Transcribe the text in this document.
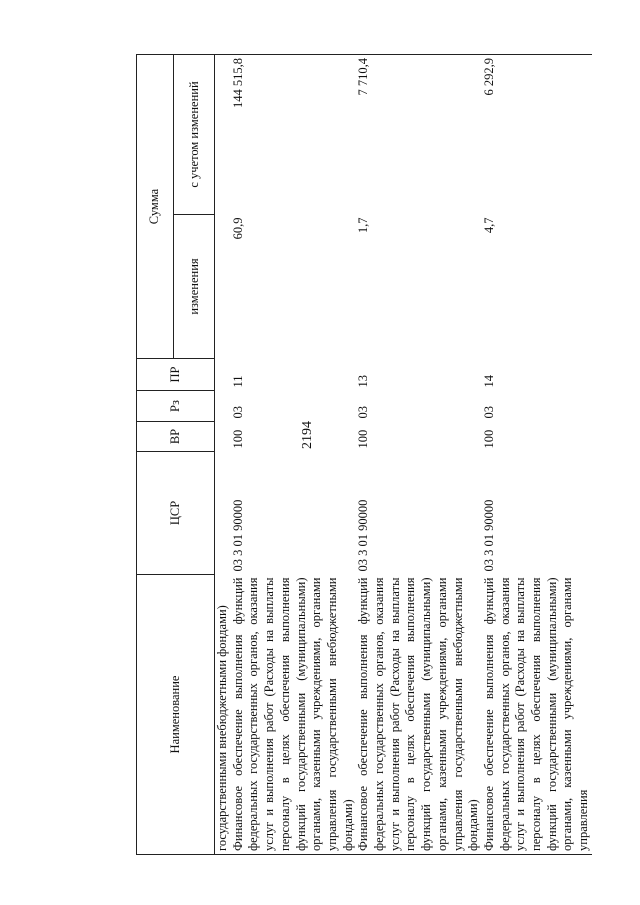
2194
Наименование	ЦСР	ВР	Рз	ПР	Сумма	
					изменения	с учетом изменений
государственными внебюджетными фондами)						
Финансовое обеспечение выполнения функций федеральных государственных органов, оказания услуг и выполнения работ (Расходы на выплаты персоналу в целях обеспечения выполнения функций государственными (муниципальными) органами, казенными учреждениями, органами управления государственными внебюджетными фондами)	03 3 01 90000	100	03	11	60,9	144 515,8
Финансовое обеспечение выполнения функций федеральных государственных органов, оказания услуг и выполнения работ (Расходы на выплаты персоналу в целях обеспечения выполнения функций государственными (муниципальными) органами, казенными учреждениями, органами управления государственными внебюджетными фондами)	03 3 01 90000	100	03	13	1,7	7 710,4
Финансовое обеспечение выполнения функций федеральных государственных органов, оказания услуг и выполнения работ (Расходы на выплаты персоналу в целях обеспечения выполнения функций государственными (муниципальными) органами, казенными учреждениями, органами управления	03 3 01 90000	100	03	14	4,7	6 292,9
